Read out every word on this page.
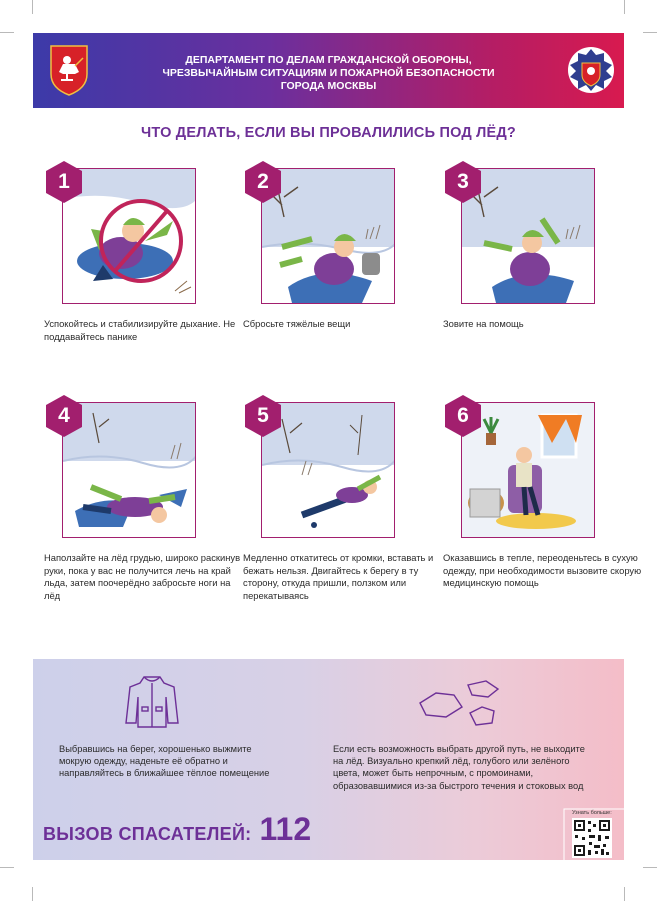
ДЕПАРТАМЕНТ ПО ДЕЛАМ ГРАЖДАНСКОЙ ОБОРОНЫ,
ЧРЕЗВЫЧАЙНЫМ СИТУАЦИЯМ И ПОЖАРНОЙ БЕЗОПАСНОСТИ
ГОРОДА МОСКВЫ
ЧТО ДЕЛАТЬ, ЕСЛИ ВЫ ПРОВАЛИЛИСЬ ПОД ЛЁД?
1
Успокойтесь и стабилизируйте дыхание. Не поддавайтесь панике
2
Сбросьте тяжёлые вещи
3
Зовите на помощь
4
Наползайте на лёд грудью, широко раскинув руки, пока у вас не получится лечь на край льда, затем поочерёдно забросьте ноги на лёд
5
Медленно откатитесь от кромки, вставать и бежать нельзя. Двигайтесь к берегу в ту сторону, откуда пришли, ползком или перекатываясь
6
Оказавшись в тепле, переоденьтесь в сухую одежду, при необходимости вызовите скорую медицинскую помощь
Выбравшись на берег, хорошенько выжмите мокрую одежду, наденьте её обратно и направляйтесь в ближайшее тёплое помещение
Если есть возможность выбрать другой путь, не выходите на лёд. Визуально крепкий лёд, голубого или зелёного цвета, может быть непрочным, с промоинами, образовавшимися из-за быстрого течения и стоковых вод
ВЫЗОВ СПАСАТЕЛЕЙ: 112	Узнать больше:
